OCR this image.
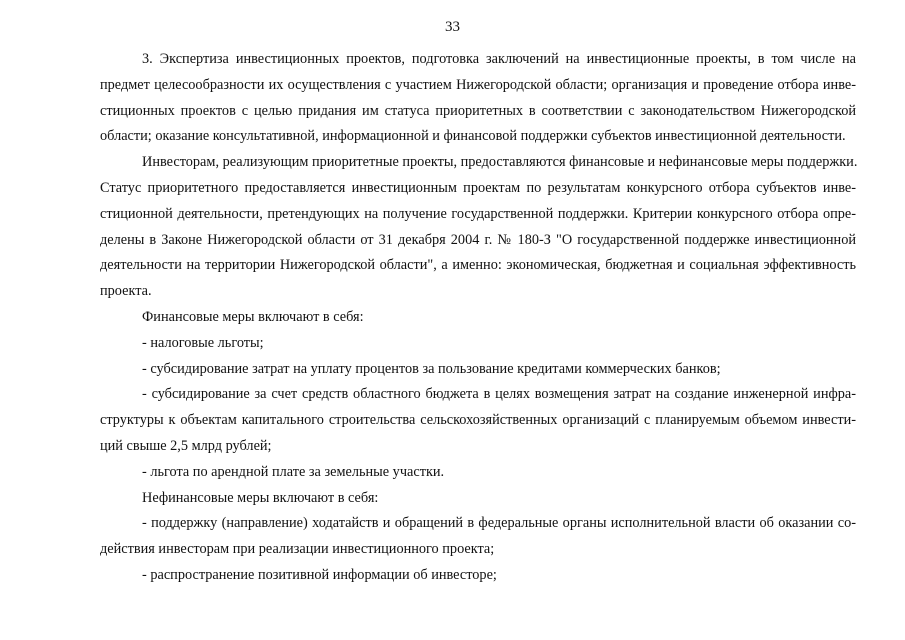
33
3. Экспертиза инвестиционных проектов, подготовка заключений на инвестиционные проекты, в том числе на
предмет целесообразности их осуществления с участием Нижегородской области; организация и проведение отбора инве-
стиционных проектов с целью придания им статуса приоритетных в соответствии с законодательством Нижегородской
области; оказание консультативной, информационной и финансовой поддержки субъектов инвестиционной деятельности.
Инвесторам, реализующим приоритетные проекты, предоставляются финансовые и нефинансовые меры поддержки.
Статус приоритетного предоставляется инвестиционным проектам по результатам конкурсного отбора субъектов инве-
стиционной деятельности, претендующих на получение государственной поддержки. Критерии конкурсного отбора опре-
делены в Законе Нижегородской области от 31 декабря 2004 г. № 180-З "О государственной поддержке инвестиционной
деятельности на территории Нижегородской области", а именно: экономическая, бюджетная и социальная эффективность
проекта.
Финансовые меры включают в себя:
- налоговые льготы;
- субсидирование затрат на уплату процентов за пользование кредитами коммерческих банков;
- субсидирование за счет средств областного бюджета в целях возмещения затрат на создание инженерной инфра-
структуры к объектам капитального строительства сельскохозяйственных организаций с планируемым объемом инвести-
ций свыше 2,5 млрд рублей;
- льгота по арендной плате за земельные участки.
Нефинансовые меры включают в себя:
- поддержку (направление) ходатайств и обращений в федеральные органы исполнительной власти об оказании со-
действия инвесторам при реализации инвестиционного проекта;
- распространение позитивной информации об инвесторе;
